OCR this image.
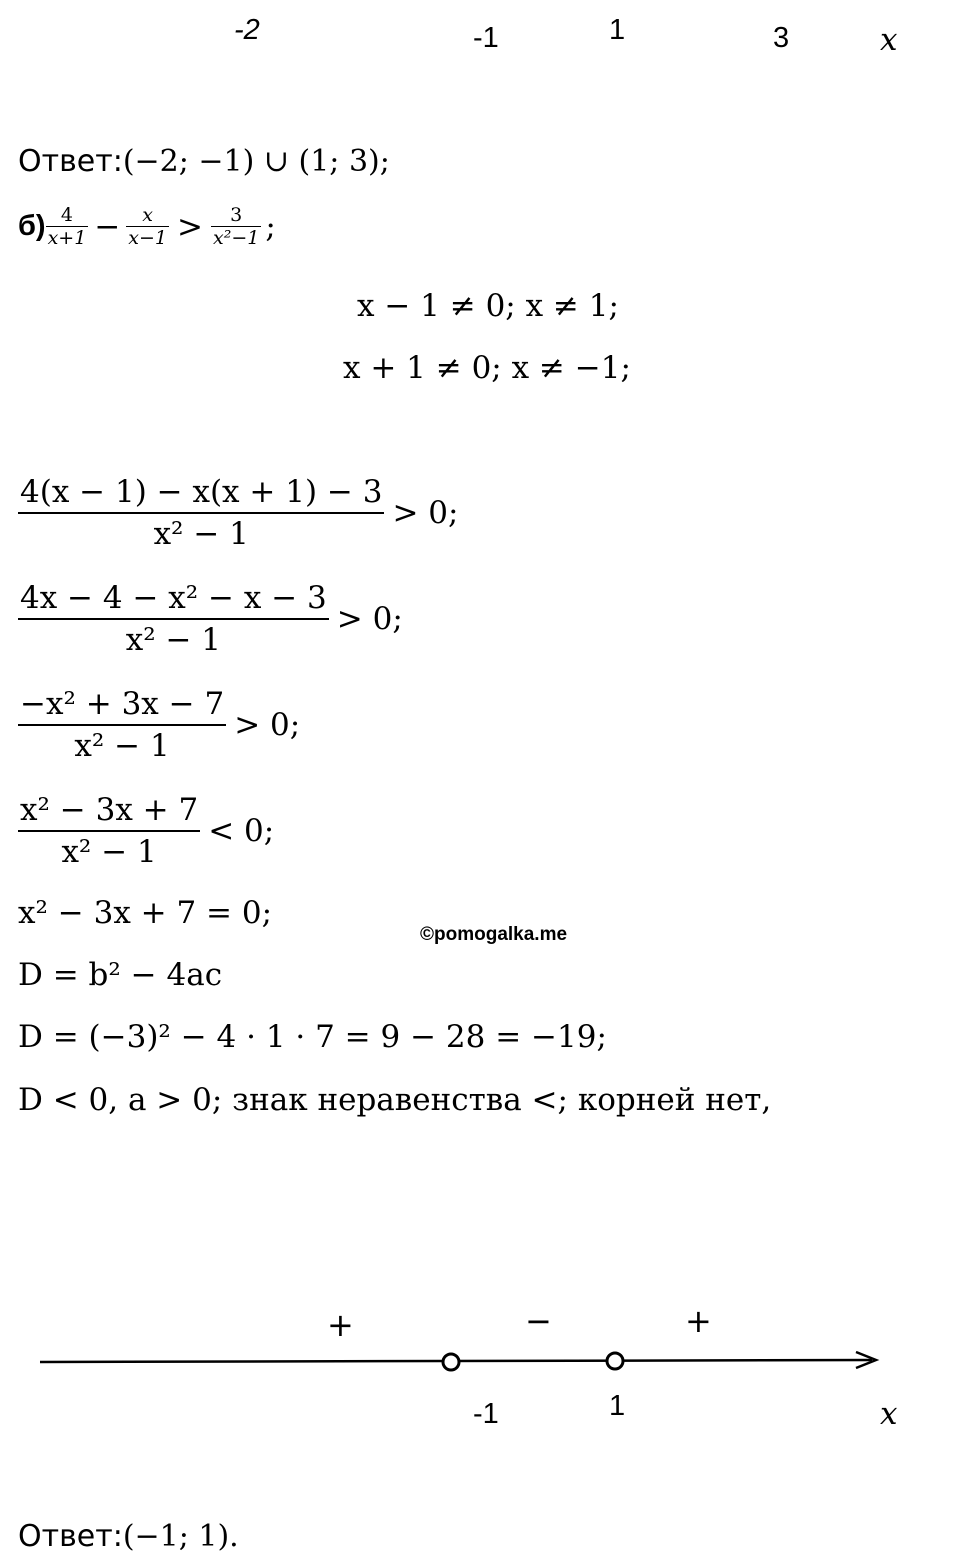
-2	-1	1	3	x
Ответ:(−2; −1) ∪ (1; 3);
$б) \frac{4}{x+1} - \frac{x}{x-1} > \frac{3}{\text{x²−1}}$ ;
x − 1 ≠ 0; x ≠ 1;
x + 1 ≠ 0; x ≠ −1;
$\frac{4(x - 1) - x(x + 1) - 3}{\text{x² − 1}} > 0$;
$\frac{\text{4x − 4 − x² − x − 3}}{\text{x² − 1}} > 0$;
$\frac{\text{−x² + 3x − 7}}{\text{x² − 1}} > 0$;
$\frac{\text{x² − 3x + 7}}{\text{x² − 1}} < 0$;
x² − 3x + 7 = 0;
©pomogalka.me
D = b² − 4ac
D = (−3)² − 4 · 1 · 7 = 9 − 28 = −19;
D < 0, a > 0; знак неравенства <; корней нет,
+	−	+
-1	1	x
Ответ:(−1; 1).
